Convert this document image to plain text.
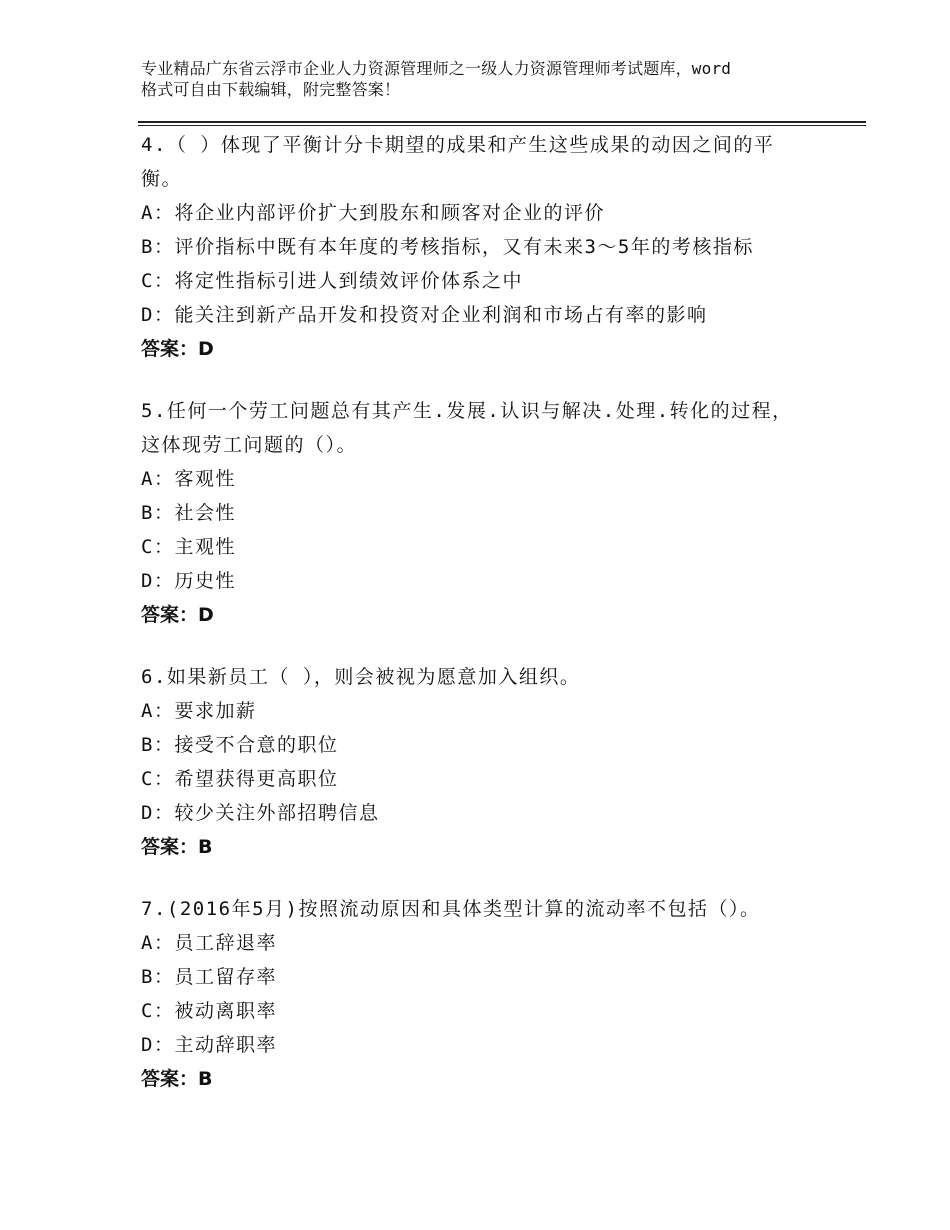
专业精品广东省云浮市企业人力资源管理师之一级人力资源管理师考试题库，word
格式可自由下载编辑，附完整答案！

4.（ ）体现了平衡计分卡期望的成果和产生这些成果的动因之间的平
衡。

A：将企业内部评价扩大到股东和顾客对企业的评价

B：评价指标中既有本年度的考核指标，又有未来3～5年的考核指标

C：将定性指标引进人到绩效评价体系之中

D：能关注到新产品开发和投资对企业利润和市场占有率的影响

答案：D

5.任何一个劳工问题总有其产生.发展.认识与解决.处理.转化的过程，
这体现劳工问题的（）。

A：客观性

B：社会性

C：主观性

D：历史性

答案：D

6.如果新员工（ ），则会被视为愿意加入组织。

A：要求加薪

B：接受不合意的职位

C：希望获得更高职位

D：较少关注外部招聘信息

答案：B

7.(2016年5月)按照流动原因和具体类型计算的流动率不包括（）。

A：员工辞退率

B：员工留存率

C：被动离职率

D：主动辞职率

答案：B
